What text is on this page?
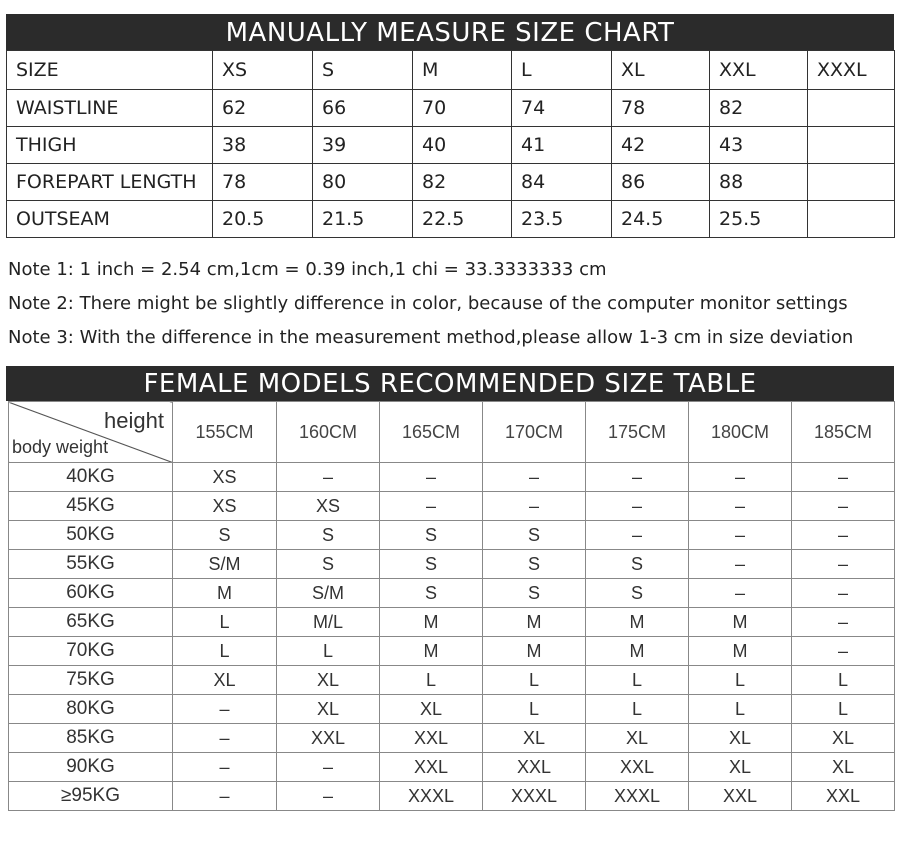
MANUALLY MEASURE SIZE CHART
SIZE	XS	S	M	L	XL	XXL	XXXL
WAISTLINE	62	66	70	74	78	82	
THIGH	38	39	40	41	42	43	
FOREPART LENGTH	78	80	82	84	86	88	
OUTSEAM	20.5	21.5	22.5	23.5	24.5	25.5	
Note 1: 1 inch = 2.54 cm,1cm = 0.39 inch,1 chi = 33.3333333 cm
Note 2: There might be slightly difference in color, because of the computer monitor settings
Note 3: With the difference in the measurement method,please allow 1-3 cm in size deviation
FEMALE MODELS RECOMMENDED SIZE TABLE
height
body weight	155CM	160CM	165CM	170CM	175CM	180CM	185CM
40KG	XS	–	–	–	–	–	–
45KG	XS	XS	–	–	–	–	–
50KG	S	S	S	S	–	–	–
55KG	S/M	S	S	S	S	–	–
60KG	M	S/M	S	S	S	–	–
65KG	L	M/L	M	M	M	M	–
70KG	L	L	M	M	M	M	–
75KG	XL	XL	L	L	L	L	L
80KG	–	XL	XL	L	L	L	L
85KG	–	XXL	XXL	XL	XL	XL	XL
90KG	–	–	XXL	XXL	XXL	XL	XL
≥95KG	–	–	XXXL	XXXL	XXXL	XXL	XXL
